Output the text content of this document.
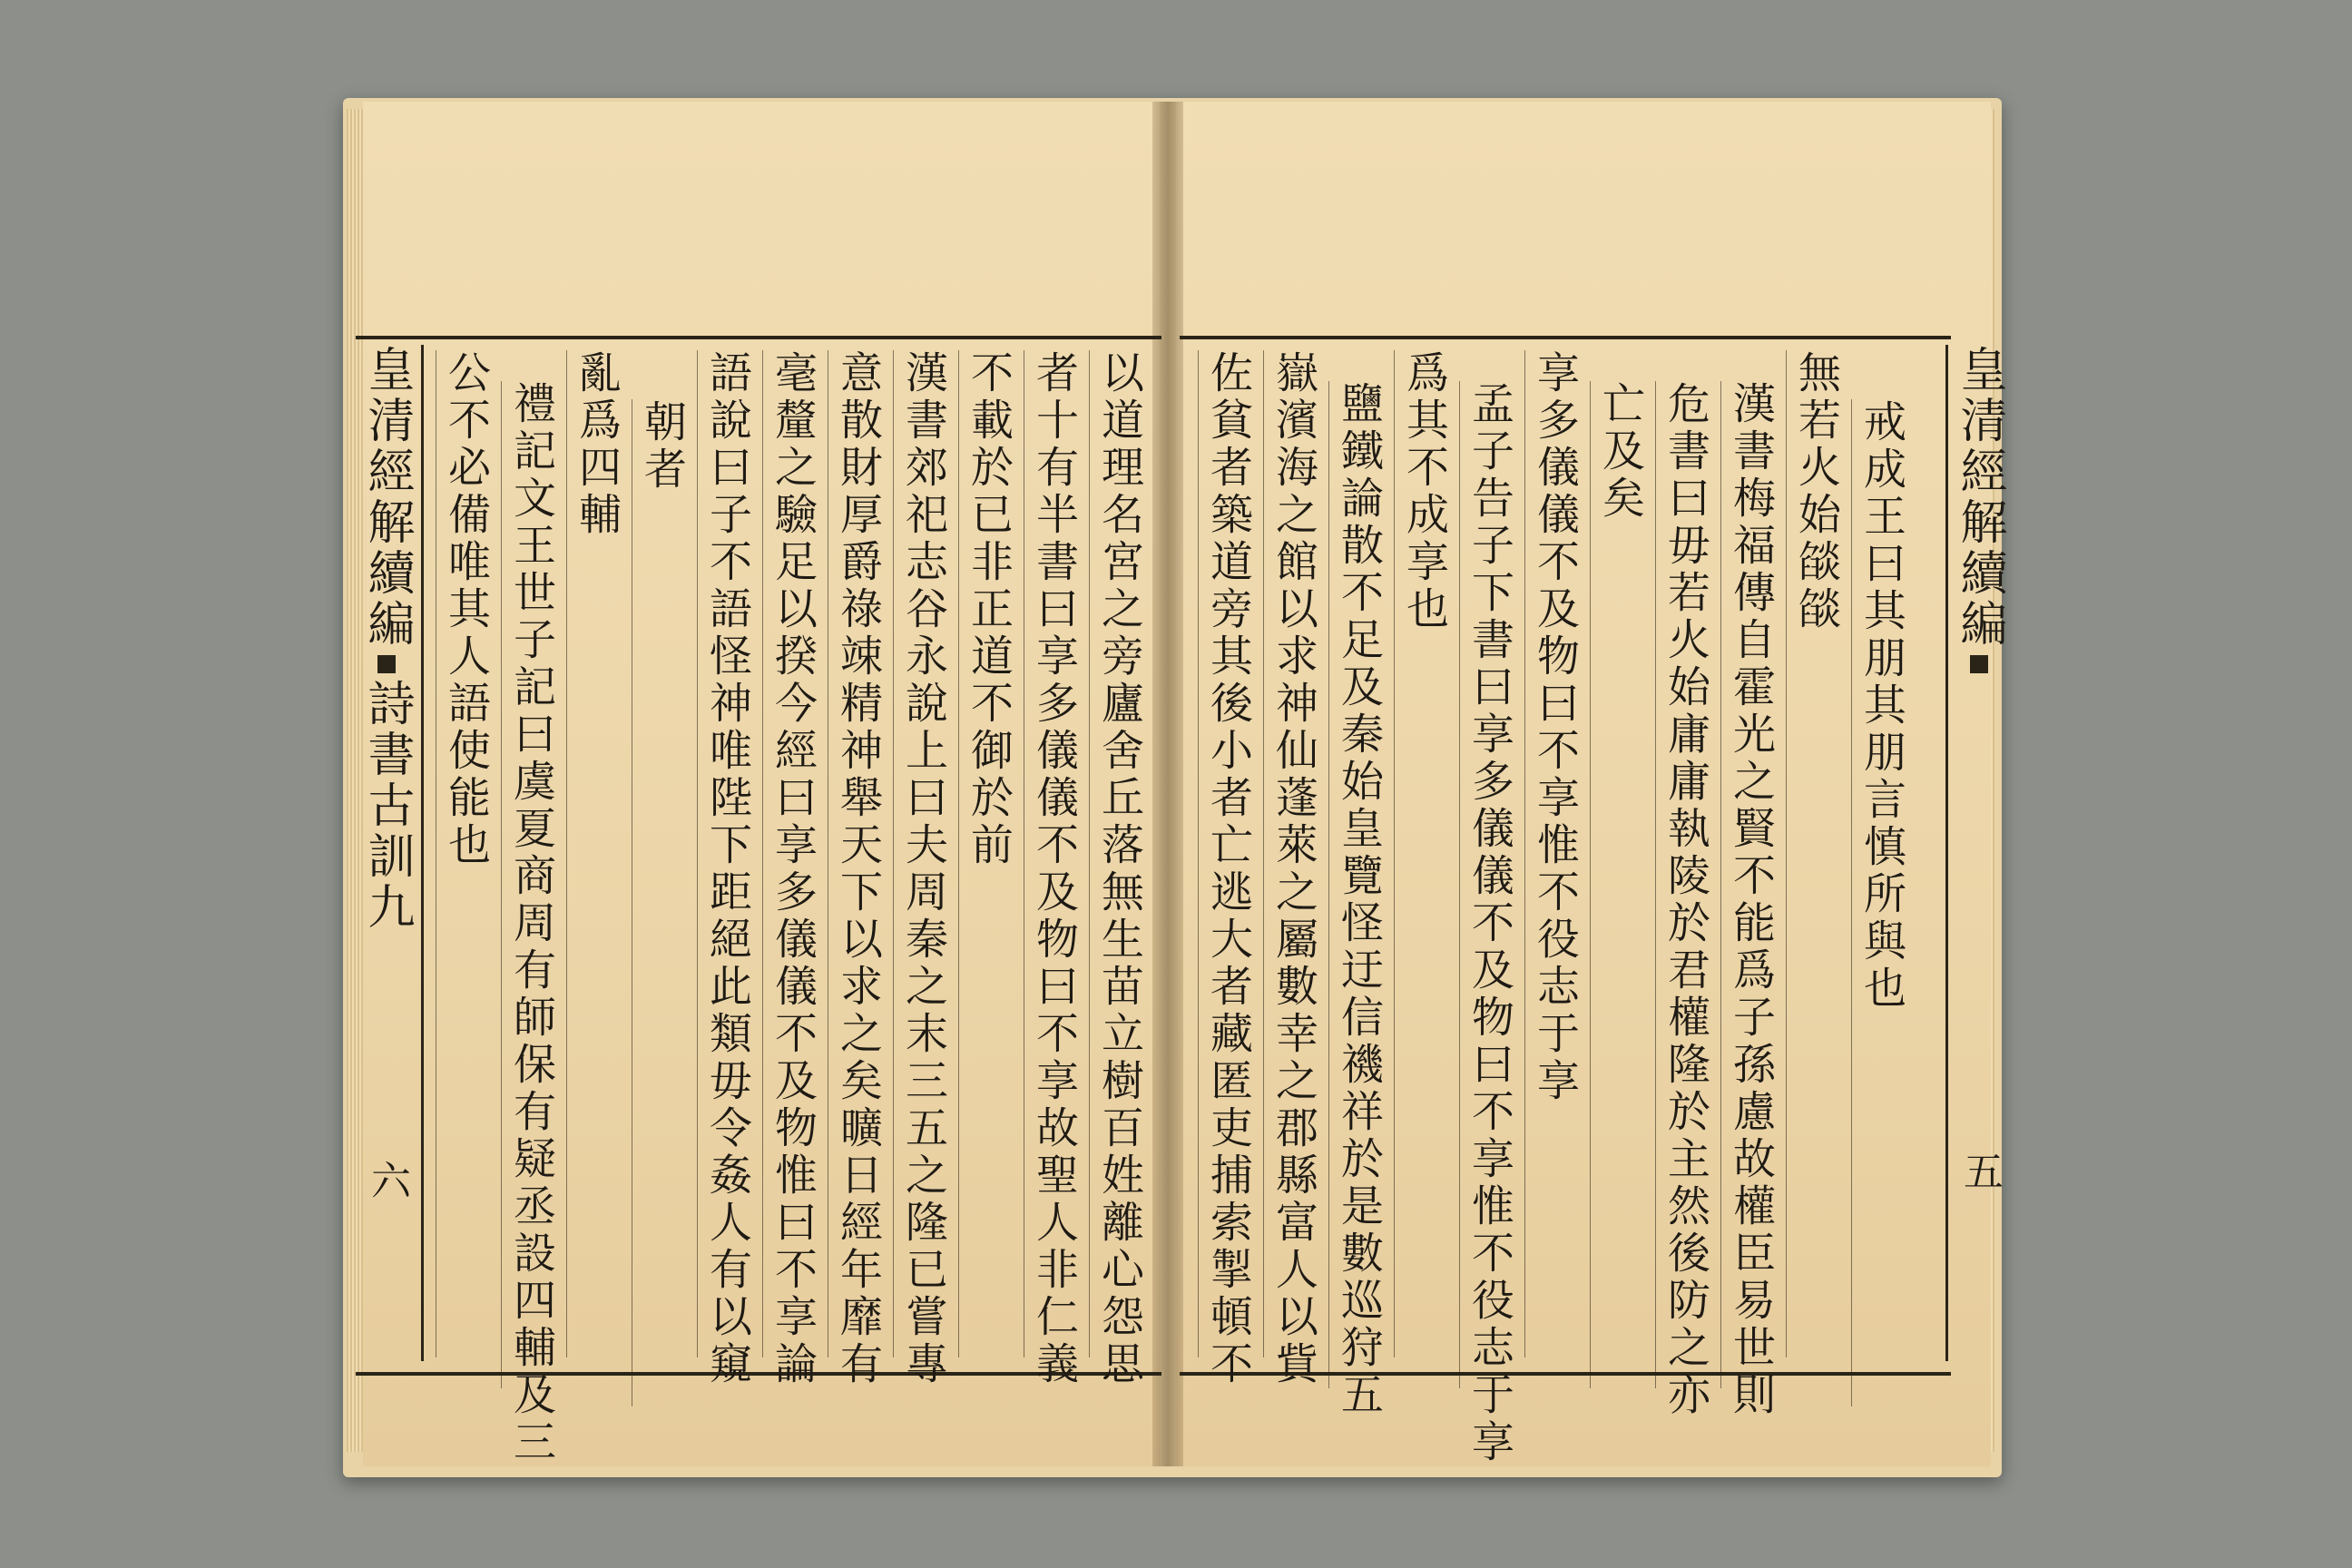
皇清經解續編詩書古訓九六	以道理名宮之旁廬舍丘落無生苗立樹百姓離心怨思
者十有半書曰享多儀儀不及物曰不享故聖人非仁義
不載於已非正道不御於前
漢書郊祀志谷永說上曰夫周秦之末三五之隆已嘗專
意散財厚爵祿竦精神舉天下以求之矣曠日經年靡有
毫釐之驗足以揆今經曰享多儀儀不及物惟曰不享論
語說曰子不語怪神唯陛下距絕此類毋令姦人有以窺
朝者
亂爲四輔
禮記文王世子記曰虞夏商周有師保有疑丞設四輔及三
公不必備唯其人語使能也	戒成王曰其朋其朋言慎所與也
無若火始燄燄
漢書梅福傳自霍光之賢不能爲子孫慮故權臣易世則
危書曰毋若火始庸庸執陵於君權隆於主然後防之亦
亡及矣
享多儀儀不及物曰不享惟不役志于享
孟子告子下書曰享多儀儀不及物曰不享惟不役志于享
爲其不成享也
鹽鐵論散不足及秦始皇覽怪迂信禨祥於是數巡狩五
嶽濱海之館以求神仙蓬萊之屬數幸之郡縣富人以貲
佐貧者築道旁其後小者亡逃大者藏匿吏捕索掣頓不	皇清經解續編五
